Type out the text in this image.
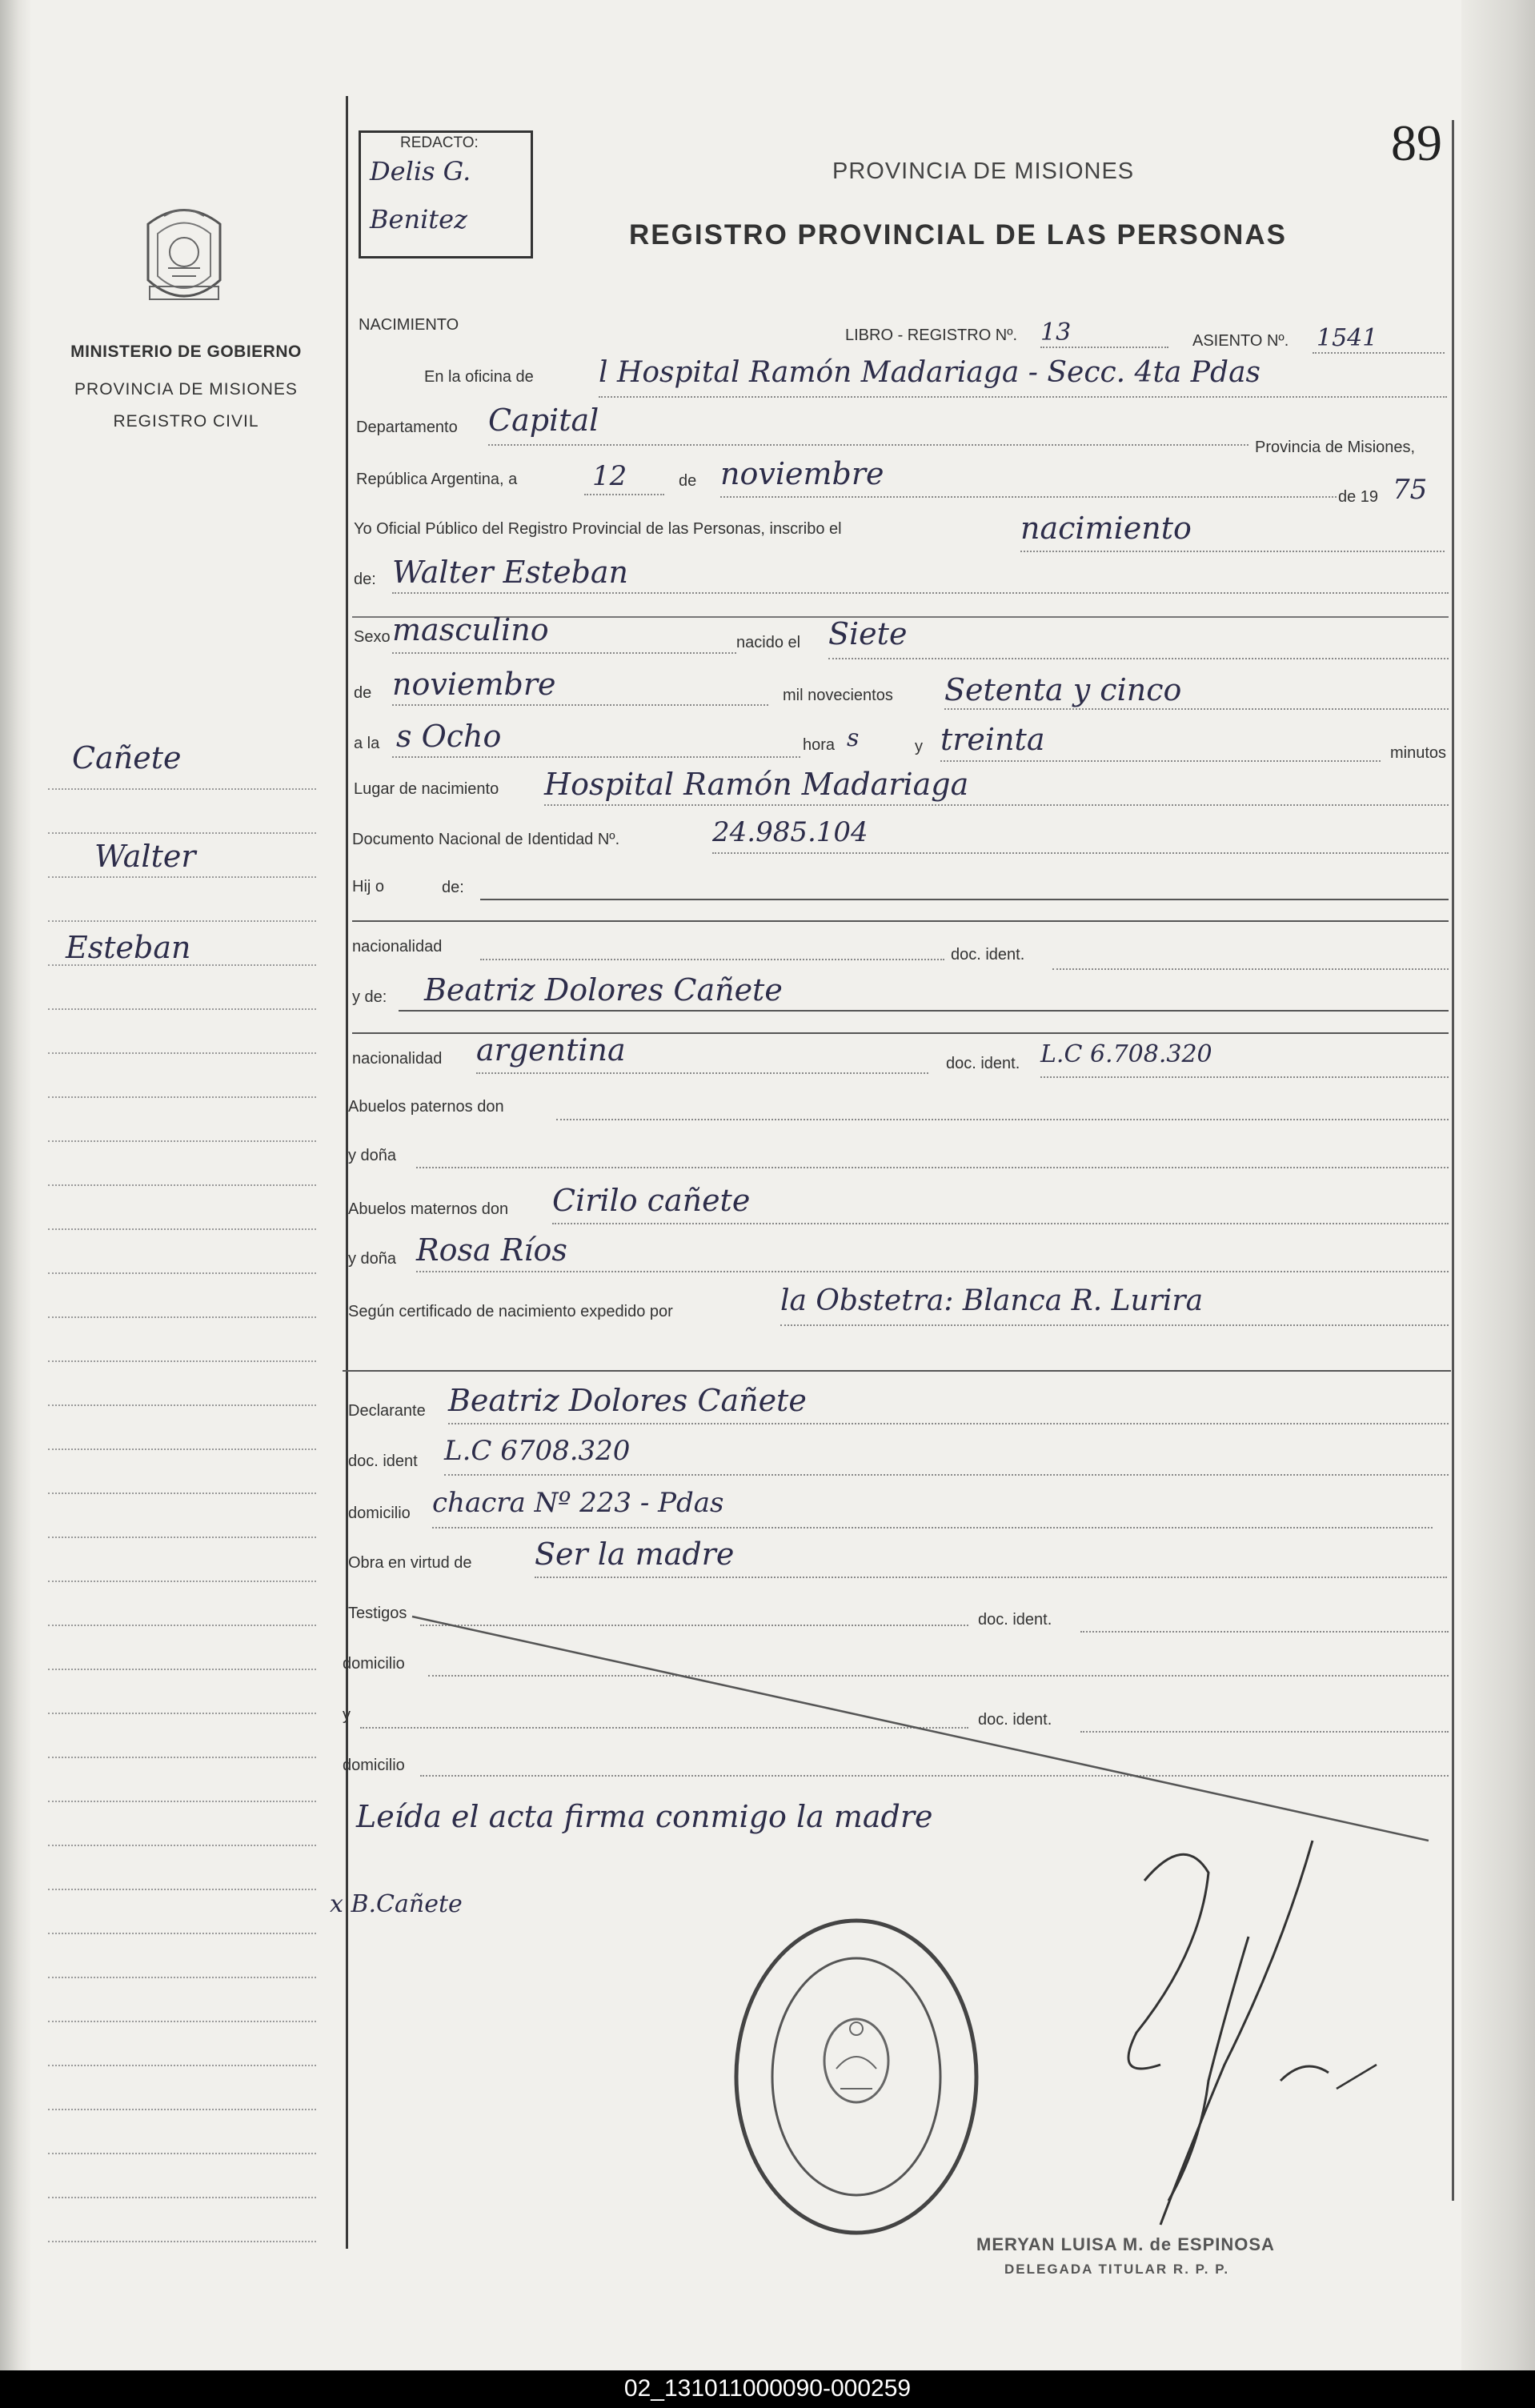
MINISTERIO DE GOBIERNO
PROVINCIA DE MISIONES
REGISTRO CIVIL
Cañete
Walter
Esteban
x B.Cañete
REDACTO:
Delis G.
Benitez
89
PROVINCIA DE MISIONES
REGISTRO PROVINCIAL DE LAS PERSONAS
NACIMIENTO
LIBRO - REGISTRO Nº. 13	ASIENTO Nº. 1541
En la oficina de l Hospital Ramón Madariaga - Secc. 4ta Pdas
Departamento Capital
Provincia de Misiones,
República Argentina, a	12	de noviembre
de 19 75
Yo Oficial Público del Registro Provincial de las Personas, inscribo el	nacimiento
de: Walter Esteban
Sexo masculino	nacido el Siete
de noviembre	mil novecientos Setenta y cinco
a la s Ocho	hora s	y treinta	minutos
Lugar de nacimiento Hospital Ramón Madariaga
Documento Nacional de Identidad Nº.	24.985.104
Hij o	de:
nacionalidad	doc. ident.
y de: Beatriz Dolores Cañete
nacionalidad argentina	doc. ident. L.C 6.708.320
Abuelos paternos don
y doña
Abuelos maternos don Cirilo cañete
y doña Rosa Ríos
Según certificado de nacimiento expedido por	la Obstetra: Blanca R. Lurira
Declarante Beatriz Dolores Cañete
doc. ident L.C 6708.320
domicilio chacra Nº 223 - Pdas
Obra en virtud de Ser la madre
Testigos	doc. ident.
domicilio
y	doc. ident.
domicilio
Leída el acta firma conmigo la madre
MERYAN LUISA M. de ESPINOSA
DELEGADA TITULAR R. P. P.
02_131011000090-000259
